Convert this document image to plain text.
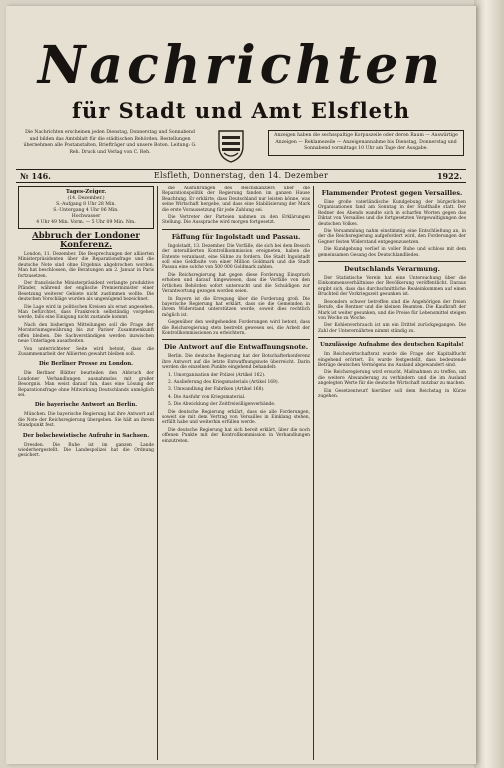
Nachrichten
für Stadt und Amt Elsfleth
Die Nachrichten erscheinen jeden Dienstag, Donnerstag und Sonnabend und bilden das Amtsblatt für die städtischen Behörden. Bestellungen übernehmen alle Postanstalten, Briefträger und unsere Boten. Leitung: G. Reh. Druck und Verlag von C. Reh.
Anzeigen haben die sechsspaltige Korpuszeile oder deren Raum — Auswärtige Anzeigen — Reklamezeile — Anzeigenannahme bis Dienstag, Donnerstag und Sonnabend vormittags 10 Uhr am Tage der Ausgabe.
№ 146.	Elsfleth, Donnerstag, den 14. Dezember	1922.
Tages-Zeiger.
(14. Dezember.)
S.-Aufgang 8 Uhr 28 Min.
S.-Untergang 4 Uhr 06 Min.
Hochwasser
4 Uhr 49 Min. Vorm. — 5 Uhr 09 Min. Nm.
Abbruch der Londoner Konferenz.

London, 11. Dezember. Die Besprechungen der alliierten Ministerpräsidenten über die Reparationsfrage und die deutsche Note sind ohne Ergebnis abgebrochen worden. Man hat beschlossen, die Beratungen am 2. Januar in Paris fortzusetzen.

Der französische Ministerpräsident verlangte produktive Pfänder, während der englische Premierminister einer Besetzung weiterer Gebiete nicht zustimmen wollte. Die deutschen Vorschläge wurden als ungenügend bezeichnet.

Die Lage wird in politischen Kreisen als ernst angesehen. Man befürchtet, dass Frankreich selbständig vorgehen werde, falls eine Einigung nicht zustande kommt.

Nach den bisherigen Mitteilungen soll die Frage der Moratoriumsgewährung bis zur Pariser Zusammenkunft offen bleiben. Die Sachverständigen werden inzwischen neue Unterlagen ausarbeiten.

Von unterrichteter Seite wird betont, dass die Zusammenarbeit der Alliierten gewahrt bleiben soll.

Die Berliner Presse zu London.

Die Berliner Blätter beurteilen den Abbruch der Londoner Verhandlungen ausnahmslos mit großer Besorgnis. Man weist darauf hin, dass eine Lösung der Reparationsfrage ohne Mitwirkung Deutschlands unmöglich sei.

Die bayerische Antwort an Berlin.

München. Die bayerische Regierung hat ihre Antwort auf die Note der Reichsregierung übergeben. Sie hält an ihrem Standpunkt fest.

Der bolschewistische Aufruhr in Sachsen.

Dresden. Die Ruhe ist im ganzen Lande wiederhergestellt. Die Landespolizei hat die Ordnung gesichert.

die Ausführungen des Reichskanzlers über die Reparationspolitik der Regierung fanden im ganzen Hause Beachtung. Er erklärte, dass Deutschland nur leisten könne, was seine Wirtschaft hergebe, und dass eine Stabilisierung der Mark die erste Voraussetzung für jede Zahlung sei.

Die Vertreter der Parteien nahmen zu den Erklärungen Stellung. Die Aussprache wird morgen fortgesetzt.

Fäffung für Ingolstadt und Passau.

Ingolstadt, 13. Dezember. Die Vorfälle, die sich bei dem Besuch der interalliierten Kontrollkommission ereigneten, haben die Entente veranlasst, eine Sühne zu fordern. Die Stadt Ingolstadt soll eine Geldbuße von einer Million Goldmark und die Stadt Passau eine solche von 500 000 Goldmark zahlen.

Die Reichsregierung hat gegen diese Forderung Einspruch erhoben und darauf hingewiesen, dass die Vorfälle von den örtlichen Behörden sofort untersucht und die Schuldigen zur Verantwortung gezogen worden seien.

In Bayern ist die Erregung über die Forderung groß. Die bayerische Regierung hat erklärt, dass sie die Gemeinden in ihrem Widerstand unterstützen werde, soweit dies rechtlich möglich ist.

Gegenüber den weitgehenden Forderungen wird betont, dass die Reichsregierung stets bestrebt gewesen sei, die Arbeit der Kontrollkommissionen zu erleichtern.

Die Antwort auf die Entwaffnungsnote.

Berlin. Die deutsche Regierung hat der Botschafterkonferenz ihre Antwort auf die letzte Entwaffnungsnote überreicht. Darin werden die einzelnen Punkte eingehend behandelt:

1. Umorganisation der Polizei (Artikel 162).

2. Auslieferung des Kriegsmaterials (Artikel 169).

3. Umwandlung der Fabriken (Artikel 168).

4. Die Ausfuhr von Kriegsmaterial.

5. Die Abwicklung der Zeitfreiwilligenverbände.

Die deutsche Regierung erklärt, dass sie alle Forderungen, soweit sie mit dem Vertrag von Versailles in Einklang stehen, erfüllt habe und weiterhin erfüllen werde.

Die deutsche Regierung hat sich bereit erklärt, über die noch offenen Punkte mit der Kontrollkommission in Verhandlungen einzutreten.

Flammender Protest gegen Versailles.

Eine große vaterländische Kundgebung der bürgerlichen Organisationen fand am Sonntag in der Stadthalle statt. Der Redner des Abends wandte sich in scharfen Worten gegen das Diktat von Versailles und die fortgesetzten Vergewaltigungen des deutschen Volkes.

Die Versammlung nahm einstimmig eine Entschließung an, in der die Reichsregierung aufgefordert wird, den Forderungen der Gegner festen Widerstand entgegenzusetzen.

Die Kundgebung verlief in voller Ruhe und schloss mit dem gemeinsamen Gesang des Deutschlandliedes.

Deutschlands Verarmung.

Der Statistische Verein hat eine Untersuchung über die Einkommensverhältnisse der Bevölkerung veröffentlicht. Daraus ergibt sich, dass das durchschnittliche Realeinkommen auf einen Bruchteil der Vorkriegszeit gesunken ist.

Besonders schwer betroffen sind die Angehörigen der freien Berufe, die Rentner und die kleinen Beamten. Die Kaufkraft der Mark ist weiter gesunken, und die Preise für Lebensmittel steigen von Woche zu Woche.

Der Kohlenverbrauch ist um ein Drittel zurückgegangen. Die Zahl der Unterernährten nimmt ständig zu.

Unzulässige Aufnahme des deutschen Kapitals!

Im Reichswirtschaftsrat wurde die Frage der Kapitalflucht eingehend erörtert. Es wurde festgestellt, dass bedeutende Beträge deutschen Vermögens ins Ausland abgewandert sind.

Die Reichsregierung wird ersucht, Maßnahmen zu treffen, um die weitere Abwanderung zu verhindern und die im Ausland angelegten Werte für die deutsche Wirtschaft nutzbar zu machen.

Ein Gesetzentwurf hierüber soll dem Reichstag in Kürze zugehen.
